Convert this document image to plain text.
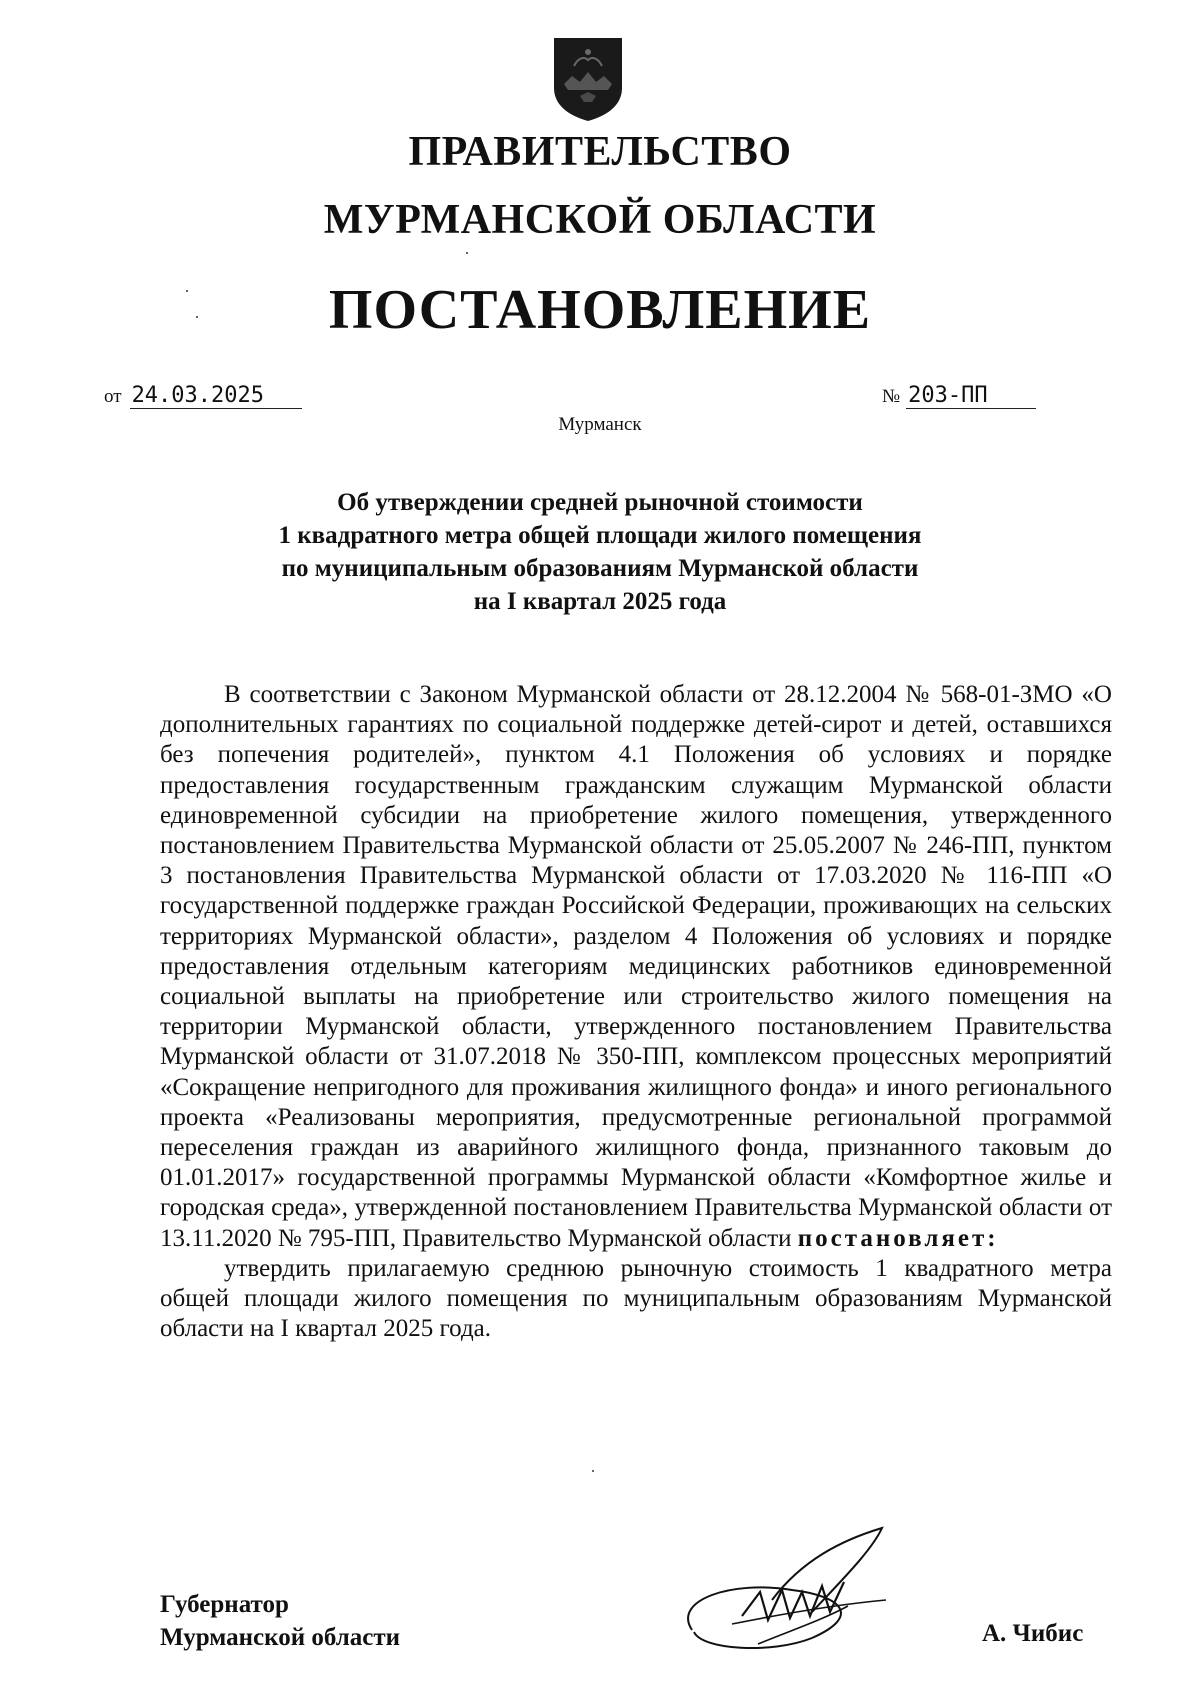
ПРАВИТЕЛЬСТВО
МУРМАНСКОЙ ОБЛАСТИ
ПОСТАНОВЛЕНИЕ
от 24.03.2025	№ 203-ПП
Мурманск
Об утверждении средней рыночной стоимости
1 квадратного метра общей площади жилого помещения
по муниципальным образованиям Мурманской области
на I квартал 2025 года

В соответствии с Законом Мурманской области от 28.12.2004 № 568-01-ЗМО «О дополнительных гарантиях по социальной поддержке детей-сирот и детей, оставшихся без попечения родителей», пунктом 4.1 Положения об условиях и порядке предоставления государственным гражданским служащим Мурманской области единовременной субсидии на приобретение жилого помещения, утвержденного постановлением Правительства Мурманской области от 25.05.2007 № 246-ПП, пунктом 3 постановления Правительства Мурманской области от 17.03.2020 № 116-ПП «О государственной поддержке граждан Российской Федерации, проживающих на сельских территориях Мурманской области», разделом 4 Положения об условиях и порядке предоставления отдельным категориям медицинских работников единовременной социальной выплаты на приобретение или строительство жилого помещения на территории Мурманской области, утвержденного постановлением Правительства Мурманской области от 31.07.2018 № 350-ПП, комплексом процессных мероприятий «Сокращение непригодного для проживания жилищного фонда» и иного регионального проекта «Реализованы мероприятия, предусмотренные региональной программой переселения граждан из аварийного жилищного фонда, признанного таковым до 01.01.2017» государственной программы Мурманской области «Комфортное жилье и городская среда», утвержденной постановлением Правительства Мурманской области от 13.11.2020 № 795-ПП, Правительство Мурманской области постановляет:

утвердить прилагаемую среднюю рыночную стоимость 1 квадратного метра общей площади жилого помещения по муниципальным образованиям Мурманской области на I квартал 2025 года.

Губернатор
Мурманской области	А. Чибис
